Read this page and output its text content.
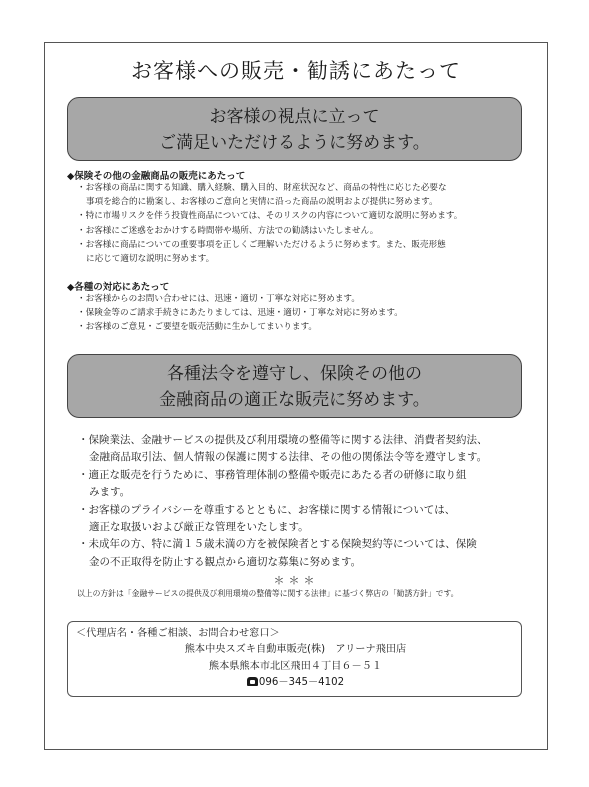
お客様への販売・勧誘にあたって
お客様の視点に立って
ご満足いただけるように努めます。
◆保険その他の金融商品の販売にあたって
・お客様の商品に関する知識、購入経験、購入目的、財産状況など、商品の特性に応じた必要な
事項を総合的に勘案し、お客様のご意向と実情に沿った商品の説明および提供に努めます。
・特に市場リスクを伴う投資性商品については、そのリスクの内容について適切な説明に努めます。
・お客様にご迷惑をおかけする時間帯や場所、方法での勧誘はいたしません。
・お客様に商品についての重要事項を正しくご理解いただけるように努めます。また、販売形態
に応じて適切な説明に努めます。
◆各種の対応にあたって
・お客様からのお問い合わせには、迅速・適切・丁寧な対応に努めます。
・保険金等のご請求手続きにあたりましては、迅速・適切・丁寧な対応に努めます。
・お客様のご意見・ご要望を販売活動に生かしてまいります。
各種法令を遵守し、保険その他の
金融商品の適正な販売に努めます。
・保険業法、金融サービスの提供及び利用環境の整備等に関する法律、消費者契約法、
金融商品取引法、個人情報の保護に関する法律、その他の関係法令等を遵守します。
・適正な販売を行うために、事務管理体制の整備や販売にあたる者の研修に取り組
みます。
・お客様のプライバシーを尊重するとともに、お客様に関する情報については、
適正な取扱いおよび厳正な管理をいたします。
・未成年の方、特に満１５歳未満の方を被保険者とする保険契約等については、保険
金の不正取得を防止する観点から適切な募集に努めます。
＊＊＊
以上の方針は「金融サービスの提供及び利用環境の整備等に関する法律」に基づく弊店の「勧誘方針」です。
＜代理店名・各種ご相談、お問合わせ窓口＞
熊本中央スズキ自動車販売(株)　アリーナ飛田店
熊本県熊本市北区飛田４丁目６－５１
096－345－4102
